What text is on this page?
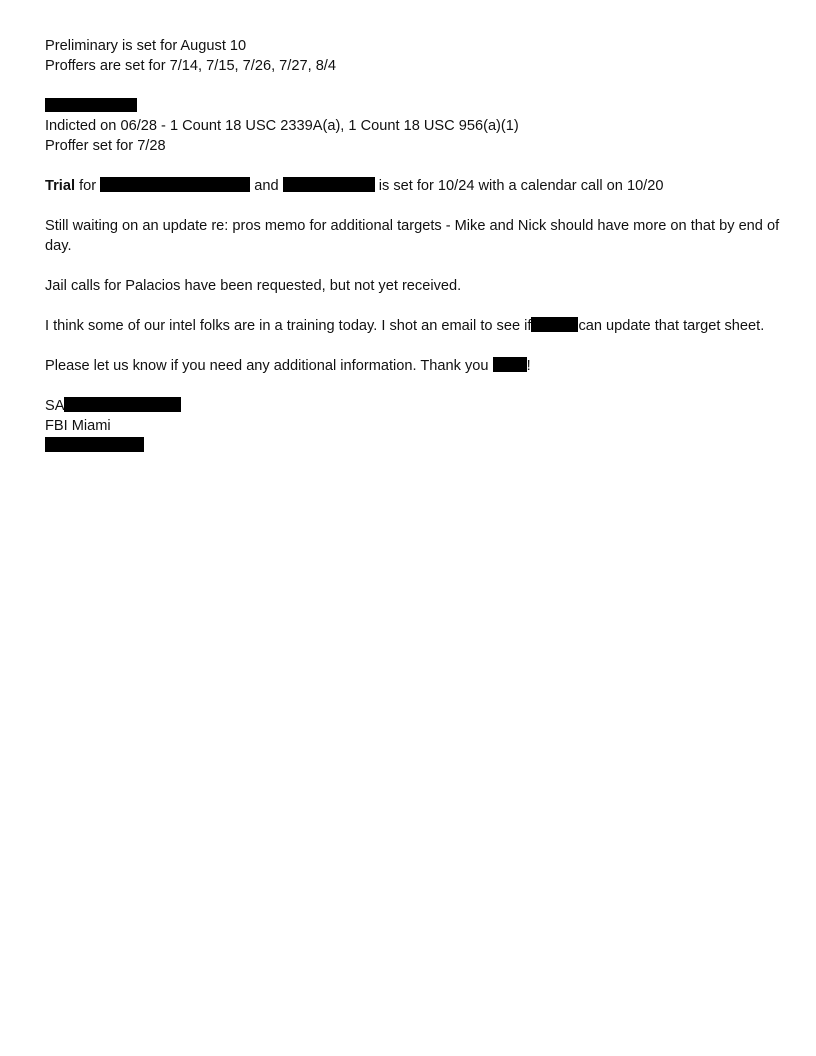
Preliminary is set for August 10
Proffers are set for 7/14, 7/15, 7/26, 7/27, 8/4
Indicted on 06/28 - 1 Count 18 USC 2339A(a), 1 Count 18 USC 956(a)(1)
Proffer set for 7/28
Trial for	and	is set for 10/24 with a calendar call on 10/20
Still waiting on an update re: pros memo for additional targets - Mike and Nick should have more on that by end of day.
Jail calls for Palacios have been requested, but not yet received.
I think some of our intel folks are in a training today. I shot an email to see if	can update that target sheet.
Please let us know if you need any additional information. Thank you	!
SA
FBI Miami
